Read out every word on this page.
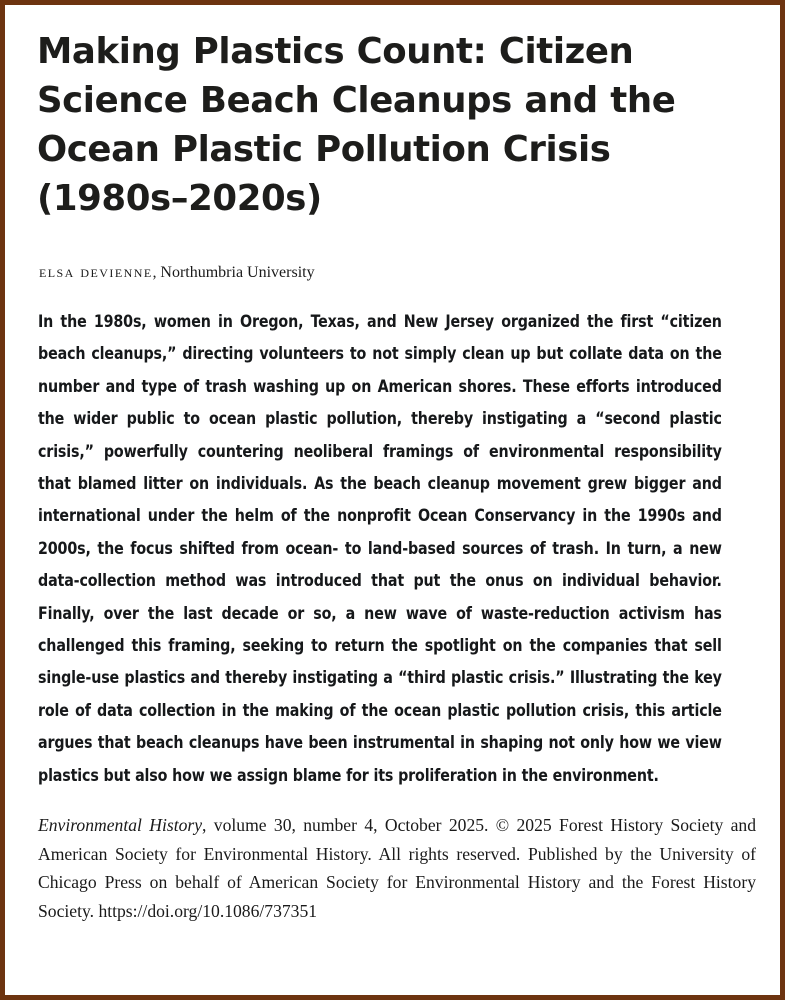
Making Plastics Count: Citizen
Science Beach Cleanups and the
Ocean Plastic Pollution Crisis
(1980s–2020s)
elsa devienne, Northumbria University

In the 1980s, women in Oregon, Texas, and New Jersey organized the first “citizen beach cleanups,” directing volunteers to not simply clean up but collate data on the number and type of trash washing up on American shores. These efforts introduced the wider public to ocean plastic pollution, thereby instigating a “second plastic crisis,” powerfully countering neoliberal framings of environmental responsibility that blamed litter on individuals. As the beach cleanup movement grew bigger and international under the helm of the nonprofit Ocean Conservancy in the 1990s and 2000s, the focus shifted from ocean- to land-based sources of trash. In turn, a new data-collection method was introduced that put the onus on individual behavior. Finally, over the last decade or so, a new wave of waste-reduction activism has challenged this framing, seeking to return the spotlight on the companies that sell single-use plastics and thereby instigating a “third plastic crisis.” Illustrating the key role of data collection in the making of the ocean plastic pollution crisis, this article argues that beach cleanups have been instrumental in shaping not only how we view plastics but also how we assign blame for its proliferation in the environment.

Environmental History, volume 30, number 4, October 2025. © 2025 Forest History Society and American Society for Environmental History. All rights reserved. Published by the University of Chicago Press on behalf of American Society for Environmental History and the Forest History Society. https://doi.org/10.1086/737351
